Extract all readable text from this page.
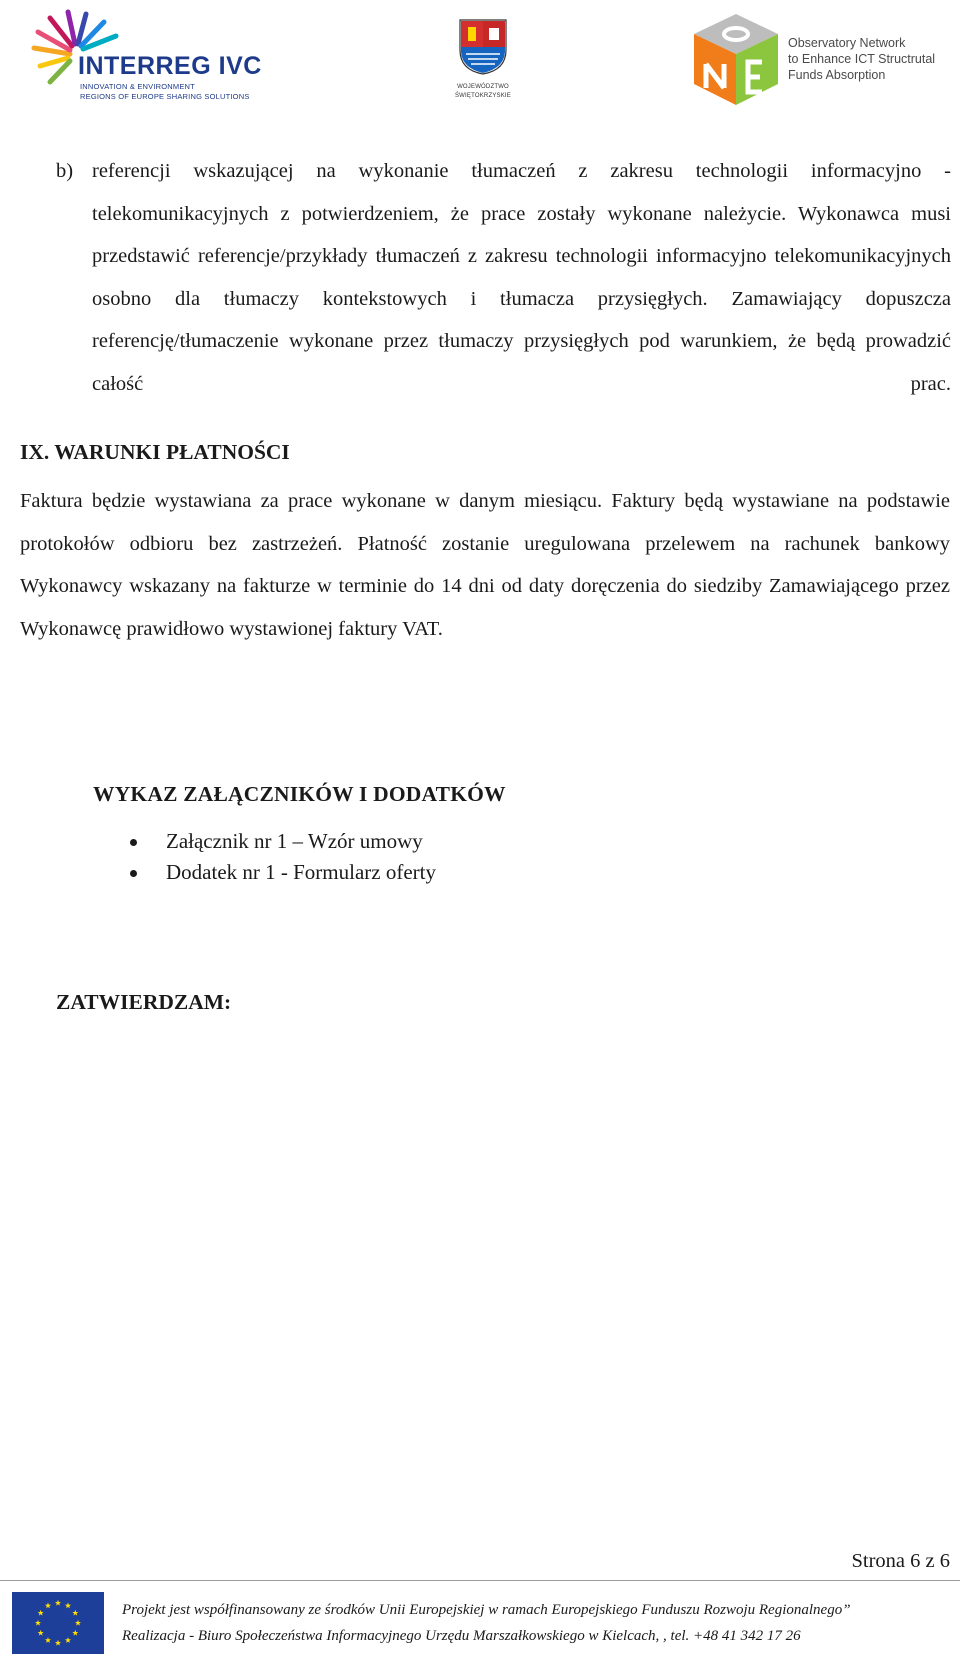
INTERREG IVC
INNOVATION & ENVIRONMENT
REGIONS OF EUROPE SHARING SOLUTIONS
WOJEWÓDZTWO
ŚWIĘTOKRZYSKIE
Observatory Network
to Enhance ICT Structrutal
Funds Absorption
b) referencji wskazującej na wykonanie tłumaczeń z zakresu technologii informacyjno - telekomunikacyjnych z potwierdzeniem, że prace zostały wykonane należycie. Wykonawca musi przedstawić referencje/przykłady tłumaczeń z zakresu technologii informacyjno telekomunikacyjnych osobno dla tłumaczy kontekstowych i tłumacza przysięgłych. Zamawiający dopuszcza referencję/tłumaczenie wykonane przez tłumaczy przysięgłych pod warunkiem, że będą prowadzić całość prac.
IX. WARUNKI PŁATNOŚCI
Faktura będzie wystawiana za prace wykonane w danym miesiącu. Faktury będą wystawiane na podstawie protokołów odbioru bez zastrzeżeń. Płatność zostanie uregulowana przelewem na rachunek bankowy Wykonawcy wskazany na fakturze w terminie do 14 dni od daty doręczenia do siedziby Zamawiającego przez Wykonawcę prawidłowo wystawionej faktury VAT.
WYKAZ ZAŁĄCZNIKÓW I DODATKÓW
Załącznik nr 1 – Wzór umowy
Dodatek nr 1 - Formularz oferty
ZATWIERDZAM:
Strona 6 z 6
Projekt jest współfinansowany ze środków Unii Europejskiej w ramach Europejskiego Funduszu Rozwoju Regionalnego”
Realizacja - Biuro Społeczeństwa Informacyjnego Urzędu Marszałkowskiego w Kielcach, , tel. +48 41 342 17 26
